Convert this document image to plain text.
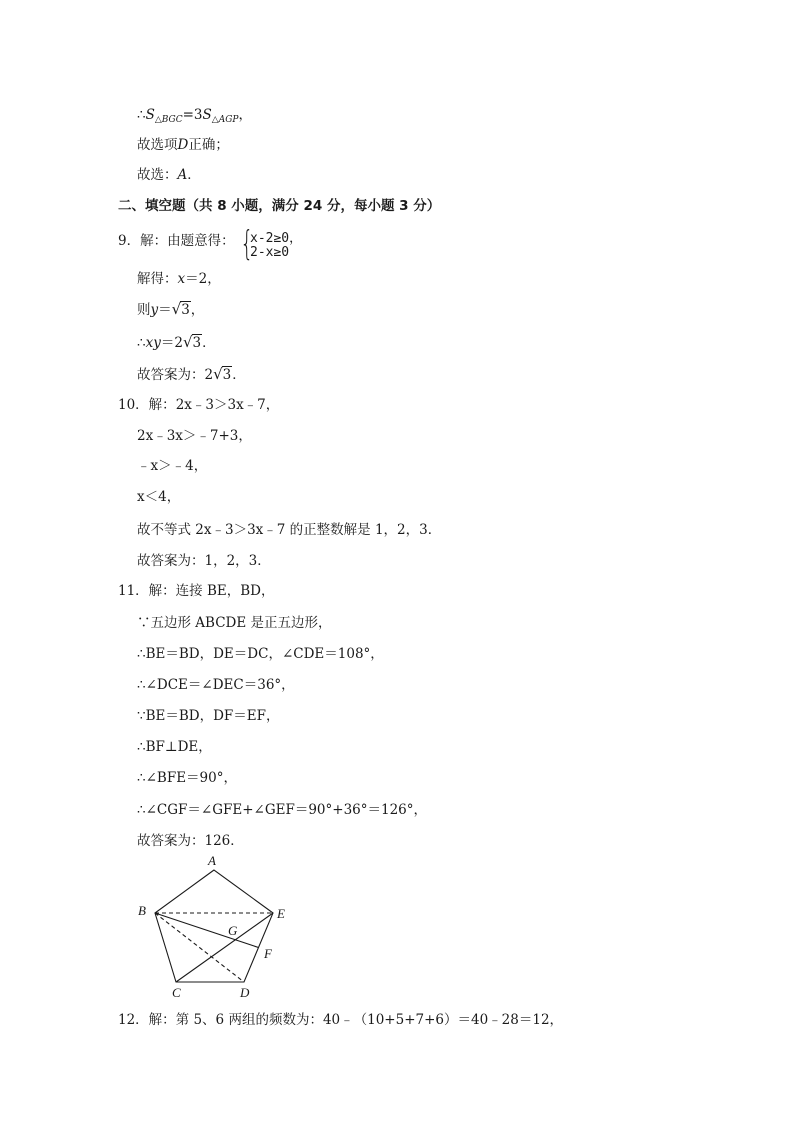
$\therefore S_{\triangle BGC}=3S_{\triangle AGP}$，
故选项D正确；
故选：A．
二、填空题（共 8 小题，满分 24 分，每小题 3 分）
9．解：由题意得： {
x-2≥0，
2-x≥0
解得：x＝2，
则y＝√3，
∴xy＝2√3．
故答案为：2√3．
10．解：2x﹣3＞3x﹣7，
2x﹣3x＞﹣7+3，
﹣x＞﹣4，
x＜4，
故不等式 2x﹣3＞3x﹣7 的正整数解是 1，2，3．
故答案为：1，2，3．
11．解：连接 BE，BD，
∵五边形 ABCDE 是正五边形，
∴BE＝BD，DE＝DC，∠CDE＝108°，
∴∠DCE＝∠DEC＝36°，
∵BE＝BD，DF＝EF，
∴BF⊥DE，
∴∠BFE＝90°，
∴∠CGF＝∠GFE+∠GEF＝90°+36°＝126°，
故答案为：126．
A
B
C	D
E
F
G
12．解：第 5、6 两组的频数为：40﹣（10+5+7+6）＝40﹣28＝12，
